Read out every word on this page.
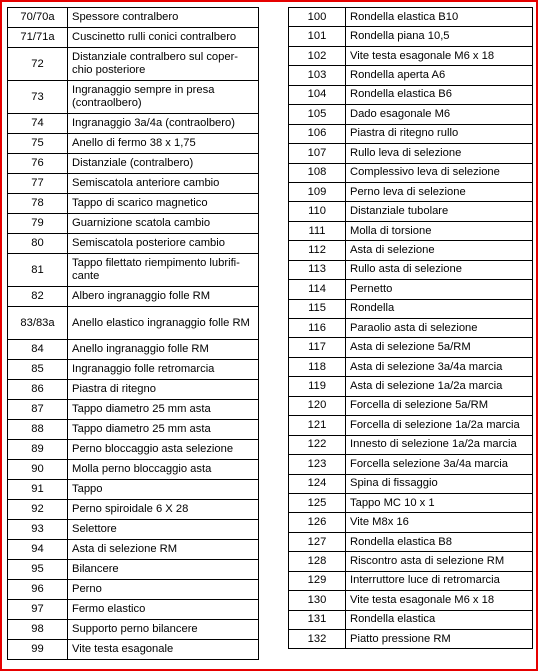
70/70a	Spessore contralbero
71/71a	Cuscinetto rulli conici contralbero
72	Distanziale contralbero sul coper-chio posteriore
73	Ingranaggio sempre in presa (contraolbero)
74	Ingranaggio 3a/4a (contraolbero)
75	Anello di fermo 38 x 1,75
76	Distanziale (contralbero)
77	Semiscatola anteriore cambio
78	Tappo di scarico magnetico
79	Guarnizione scatola cambio
80	Semiscatola posteriore cambio
81	Tappo filettato riempimento lubrifi-cante
82	Albero ingranaggio folle RM
83/83a	Anello elastico ingranaggio folle RM
84	Anello ingranaggio folle RM
85	Ingranaggio folle retromarcia
86	Piastra di ritegno
87	Tappo diametro 25 mm asta
88	Tappo diametro 25 mm asta
89	Perno bloccaggio asta selezione
90	Molla perno bloccaggio asta
91	Tappo
92	Perno spiroidale 6 X 28
93	Selettore
94	Asta di selezione RM
95	Bilancere
96	Perno
97	Fermo elastico
98	Supporto perno bilancere
99	Vite testa esagonale
100	Rondella elastica B10
101	Rondella piana 10,5
102	Vite testa esagonale M6 x 18
103	Rondella aperta A6
104	Rondella elastica B6
105	Dado esagonale M6
106	Piastra di ritegno rullo
107	Rullo leva di selezione
108	Complessivo leva di selezione
109	Perno leva di selezione
110	Distanziale tubolare
111	Molla di torsione
112	Asta di selezione
113	Rullo asta di selezione
114	Pernetto
115	Rondella
116	Paraolio asta di selezione
117	Asta di selezione 5a/RM
118	Asta di selezione 3a/4a marcia
119	Asta di selezione 1a/2a marcia
120	Forcella di selezione 5a/RM
121	Forcella di selezione 1a/2a marcia
122	Innesto di selezione 1a/2a marcia
123	Forcella selezione 3a/4a marcia
124	Spina di fissaggio
125	Tappo MC 10 x 1
126	Vite M8x 16
127	Rondella elastica B8
128	Riscontro asta di selezione RM
129	Interruttore luce di retromarcia
130	Vite testa esagonale M6 x 18
131	Rondella elastica
132	Piatto pressione RM
